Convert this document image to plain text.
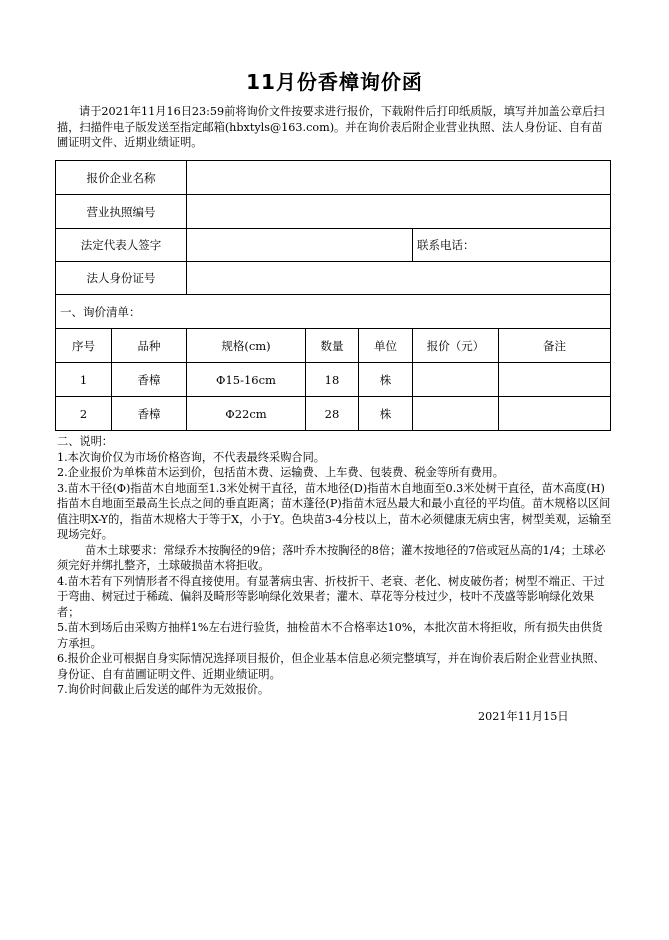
11月份香樟询价函
请于2021年11月16日23:59前将询价文件按要求进行报价，下载附件后打印纸质版，填写并加盖公章后扫描，扫描件电子版发送至指定邮箱(hbxtyls@163.com)。并在询价表后附企业营业执照、法人身份证、自有苗圃证明文件、近期业绩证明。
报价企业名称						
营业执照编号						
法定代表人签字					联系电话：	
法人身份证号						
一、询价清单：						
序号	品种	规格(cm)	数量	单位	报价（元）	备注
1	香樟	Φ15-16cm	18	株		
2	香樟	Φ22cm	28	株		

二、说明：

1.本次询价仅为市场价格咨询，不代表最终采购合同。

2.企业报价为单株苗木运到价，包括苗木费、运输费、上车费、包装费、税金等所有费用。

3.苗木干径(Φ)指苗木自地面至1.3米处树干直径，苗木地径(D)指苗木自地面至0.3米处树干直径，苗木高度(H)指苗木自地面至最高生长点之间的垂直距离；苗木蓬径(P)指苗木冠丛最大和最小直径的平均值。苗木规格以区间值注明X-Y的，指苗木规格大于等于X，小于Y。色块苗3-4分枝以上，苗木必须健康无病虫害，树型美观，运输至现场完好。

苗木土球要求：常绿乔木按胸径的9倍；落叶乔木按胸径的8倍；灌木按地径的7倍或冠丛高的1/4；土球必须完好并绑扎整齐，土球破损苗木将拒收。

4.苗木若有下列情形者不得直接使用。有显著病虫害、折枝折干、老衰、老化、树皮破伤者；树型不端正、干过于弯曲、树冠过于稀疏、偏斜及畸形等影响绿化效果者；灌木、草花等分枝过少，枝叶不茂盛等影响绿化效果者；

5.苗木到场后由采购方抽样1%左右进行验货，抽检苗木不合格率达10%，本批次苗木将拒收，所有损失由供货方承担。

6.报价企业可根据自身实际情况选择项目报价，但企业基本信息必须完整填写，并在询价表后附企业营业执照、身份证、自有苗圃证明文件、近期业绩证明。

7.询价时间截止后发送的邮件为无效报价。

2021年11月15日
